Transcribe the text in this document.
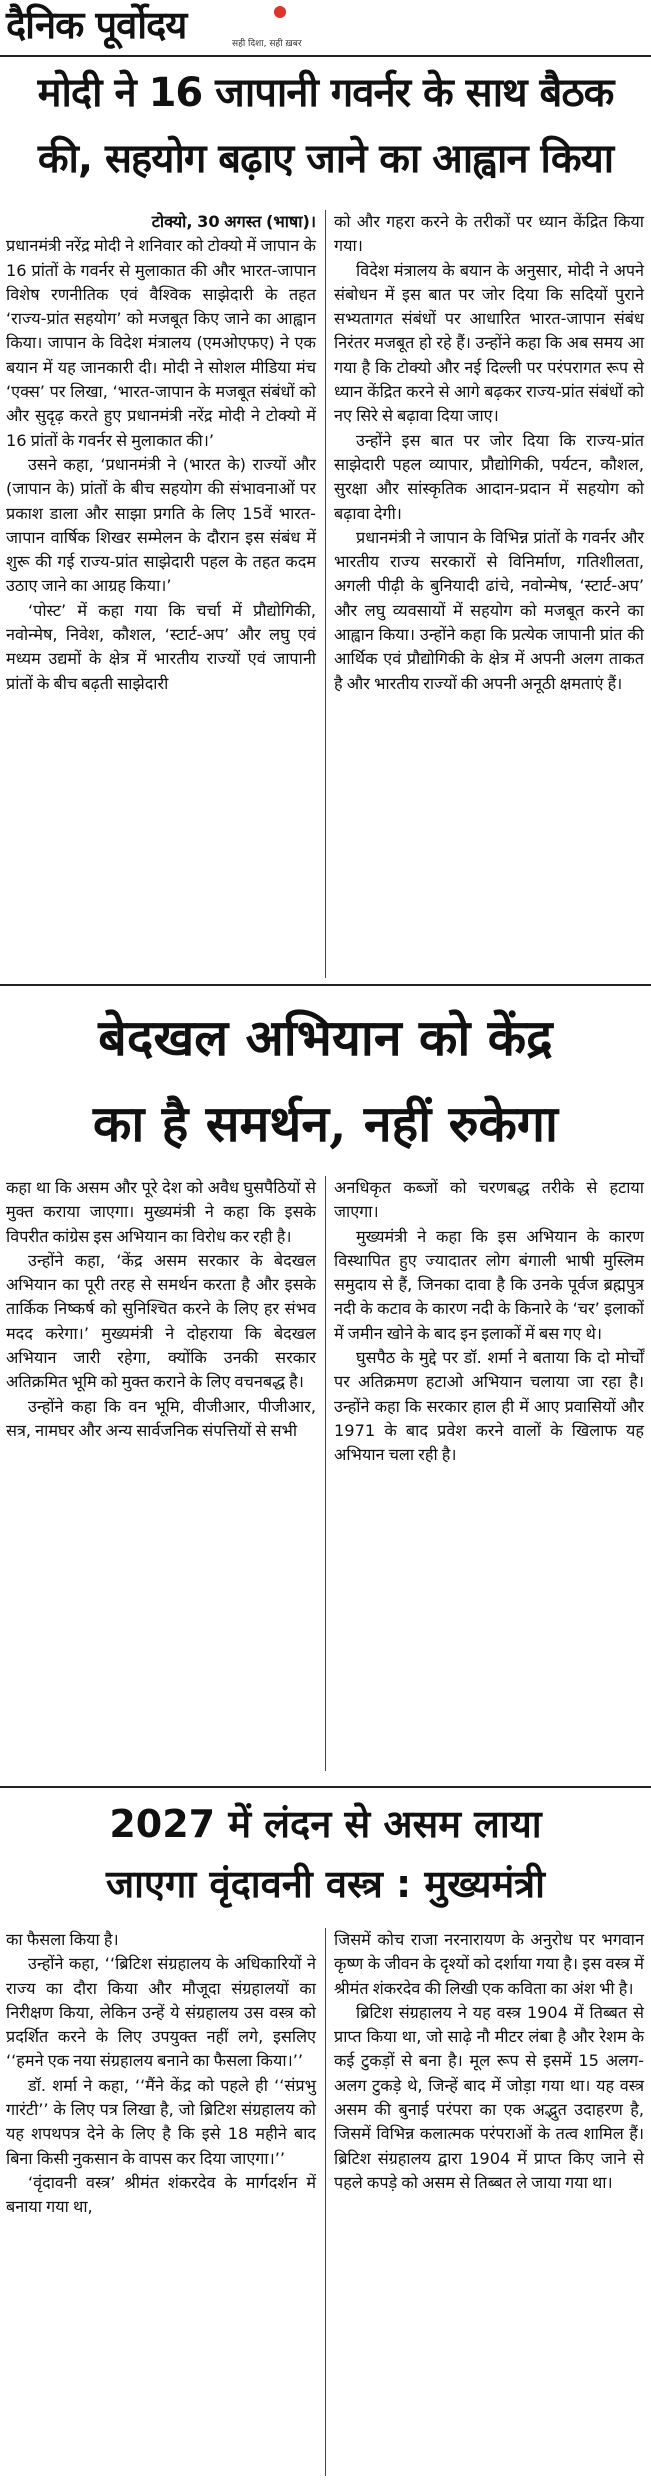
दैनिक पूर्वोदय	सही दिशा, सही ख़बर
मोदी ने 16 जापानी गवर्नर के साथ बैठक
की, सहयोग बढ़ाए जाने का आह्वान किया

टोक्यो, 30 अगस्त (भाषा)।

प्रधानमंत्री नरेंद्र मोदी ने शनिवार को टोक्यो में जापान के 16 प्रांतों के गवर्नर से मुलाकात की और भारत-जापान विशेष रणनीतिक एवं वैश्विक साझेदारी के तहत ‘राज्य-प्रांत सहयोग’ को मजबूत किए जाने का आह्वान किया। जापान के विदेश मंत्रालय (एमओएफए) ने एक बयान में यह जानकारी दी। मोदी ने सोशल मीडिया मंच ‘एक्स’ पर लिखा, ‘भारत-जापान के मजबूत संबंधों को और सुदृढ़ करते हुए प्रधानमंत्री नरेंद्र मोदी ने टोक्यो में 16 प्रांतों के गवर्नर से मुलाकात की।’

उसने कहा, ‘प्रधानमंत्री ने (भारत के) राज्यों और (जापान के) प्रांतों के बीच सहयोग की संभावनाओं पर प्रकाश डाला और साझा प्रगति के लिए 15वें भारत-जापान वार्षिक शिखर सम्मेलन के दौरान इस संबंध में शुरू की गई राज्य-प्रांत साझेदारी पहल के तहत कदम उठाए जाने का आग्रह किया।’

‘पोस्ट’ में कहा गया कि चर्चा में प्रौद्योगिकी, नवोन्मेष, निवेश, कौशल, ‘स्टार्ट-अप’ और लघु एवं मध्यम उद्यमों के क्षेत्र में भारतीय राज्यों एवं जापानी प्रांतों के बीच बढ़ती साझेदारी

को और गहरा करने के तरीकों पर ध्यान केंद्रित किया गया।

विदेश मंत्रालय के बयान के अनुसार, मोदी ने अपने संबोधन में इस बात पर जोर दिया कि सदियों पुराने सभ्यतागत संबंधों पर आधारित भारत-जापान संबंध निरंतर मजबूत हो रहे हैं। उन्होंने कहा कि अब समय आ गया है कि टोक्यो और नई दिल्ली पर परंपरागत रूप से ध्यान केंद्रित करने से आगे बढ़कर राज्य-प्रांत संबंधों को नए सिरे से बढ़ावा दिया जाए।

उन्होंने इस बात पर जोर दिया कि राज्य-प्रांत साझेदारी पहल व्यापार, प्रौद्योगिकी, पर्यटन, कौशल, सुरक्षा और सांस्कृतिक आदान-प्रदान में सहयोग को बढ़ावा देगी।

प्रधानमंत्री ने जापान के विभिन्न प्रांतों के गवर्नर और भारतीय राज्य सरकारों से विनिर्माण, गतिशीलता, अगली पीढ़ी के बुनियादी ढांचे, नवोन्मेष, ‘स्टार्ट-अप’ और लघु व्यवसायों में सहयोग को मजबूत करने का आह्वान किया। उन्होंने कहा कि प्रत्येक जापानी प्रांत की आर्थिक एवं प्रौद्योगिकी के क्षेत्र में अपनी अलग ताकत है और भारतीय राज्यों की अपनी अनूठी क्षमताएं हैं।

बेदखल अभियान को केंद्र
का है समर्थन, नहीं रुकेगा

कहा था कि असम और पूरे देश को अवैध घुसपैठियों से मुक्त कराया जाएगा। मुख्यमंत्री ने कहा कि इसके विपरीत कांग्रेस इस अभियान का विरोध कर रही है।

उन्होंने कहा, ‘केंद्र असम सरकार के बेदखल अभियान का पूरी तरह से समर्थन करता है और इसके तार्किक निष्कर्ष को सुनिश्चित करने के लिए हर संभव मदद करेगा।’ मुख्यमंत्री ने दोहराया कि बेदखल अभियान जारी रहेगा, क्योंकि उनकी सरकार अतिक्रमित भूमि को मुक्त कराने के लिए वचनबद्ध है।

उन्होंने कहा कि वन भूमि, वीजीआर, पीजीआर, सत्र, नामघर और अन्य सार्वजनिक संपत्तियों से सभी

अनधिकृत कब्जों को चरणबद्ध तरीके से हटाया जाएगा।

मुख्यमंत्री ने कहा कि इस अभियान के कारण विस्थापित हुए ज्यादातर लोग बंगाली भाषी मुस्लिम समुदाय से हैं, जिनका दावा है कि उनके पूर्वज ब्रह्मपुत्र नदी के कटाव के कारण नदी के किनारे के ‘चर’ इलाकों में जमीन खोने के बाद इन इलाकों में बस गए थे।

घुसपैठ के मुद्दे पर डॉ. शर्मा ने बताया कि दो मोर्चों पर अतिक्रमण हटाओ अभियान चलाया जा रहा है। उन्होंने कहा कि सरकार हाल ही में आए प्रवासियों और 1971 के बाद प्रवेश करने वालों के खिलाफ यह अभियान चला रही है।

2027 में लंदन से असम लाया
जाएगा वृंदावनी वस्त्र : मुख्यमंत्री

का फैसला किया है।

उन्होंने कहा, ‘‘ब्रिटिश संग्रहालय के अधिकारियों ने राज्य का दौरा किया और मौजूदा संग्रहालयों का निरीक्षण किया, लेकिन उन्हें ये संग्रहालय उस वस्त्र को प्रदर्शित करने के लिए उपयुक्त नहीं लगे, इसलिए ‘‘हमने एक नया संग्रहालय बनाने का फैसला किया।’’

डॉ. शर्मा ने कहा, ‘‘मैंने केंद्र को पहले ही ‘‘संप्रभु गारंटी’’ के लिए पत्र लिखा है, जो ब्रिटिश संग्रहालय को यह शपथपत्र देने के लिए है कि इसे 18 महीने बाद बिना किसी नुकसान के वापस कर दिया जाएगा।’’

‘वृंदावनी वस्त्र’ श्रीमंत शंकरदेव के मार्गदर्शन में बनाया गया था,

जिसमें कोच राजा नरनारायण के अनुरोध पर भगवान कृष्ण के जीवन के दृश्यों को दर्शाया गया है। इस वस्त्र में श्रीमंत शंकरदेव की लिखी एक कविता का अंश भी है।

ब्रिटिश संग्रहालय ने यह वस्त्र 1904 में तिब्बत से प्राप्त किया था, जो साढ़े नौ मीटर लंबा है और रेशम के कई टुकड़ों से बना है। मूल रूप से इसमें 15 अलग-अलग टुकड़े थे, जिन्हें बाद में जोड़ा गया था। यह वस्त्र असम की बुनाई परंपरा का एक अद्भुत उदाहरण है, जिसमें विभिन्न कलात्मक परंपराओं के तत्व शामिल हैं। ब्रिटिश संग्रहालय द्वारा 1904 में प्राप्त किए जाने से पहले कपड़े को असम से तिब्बत ले जाया गया था।
